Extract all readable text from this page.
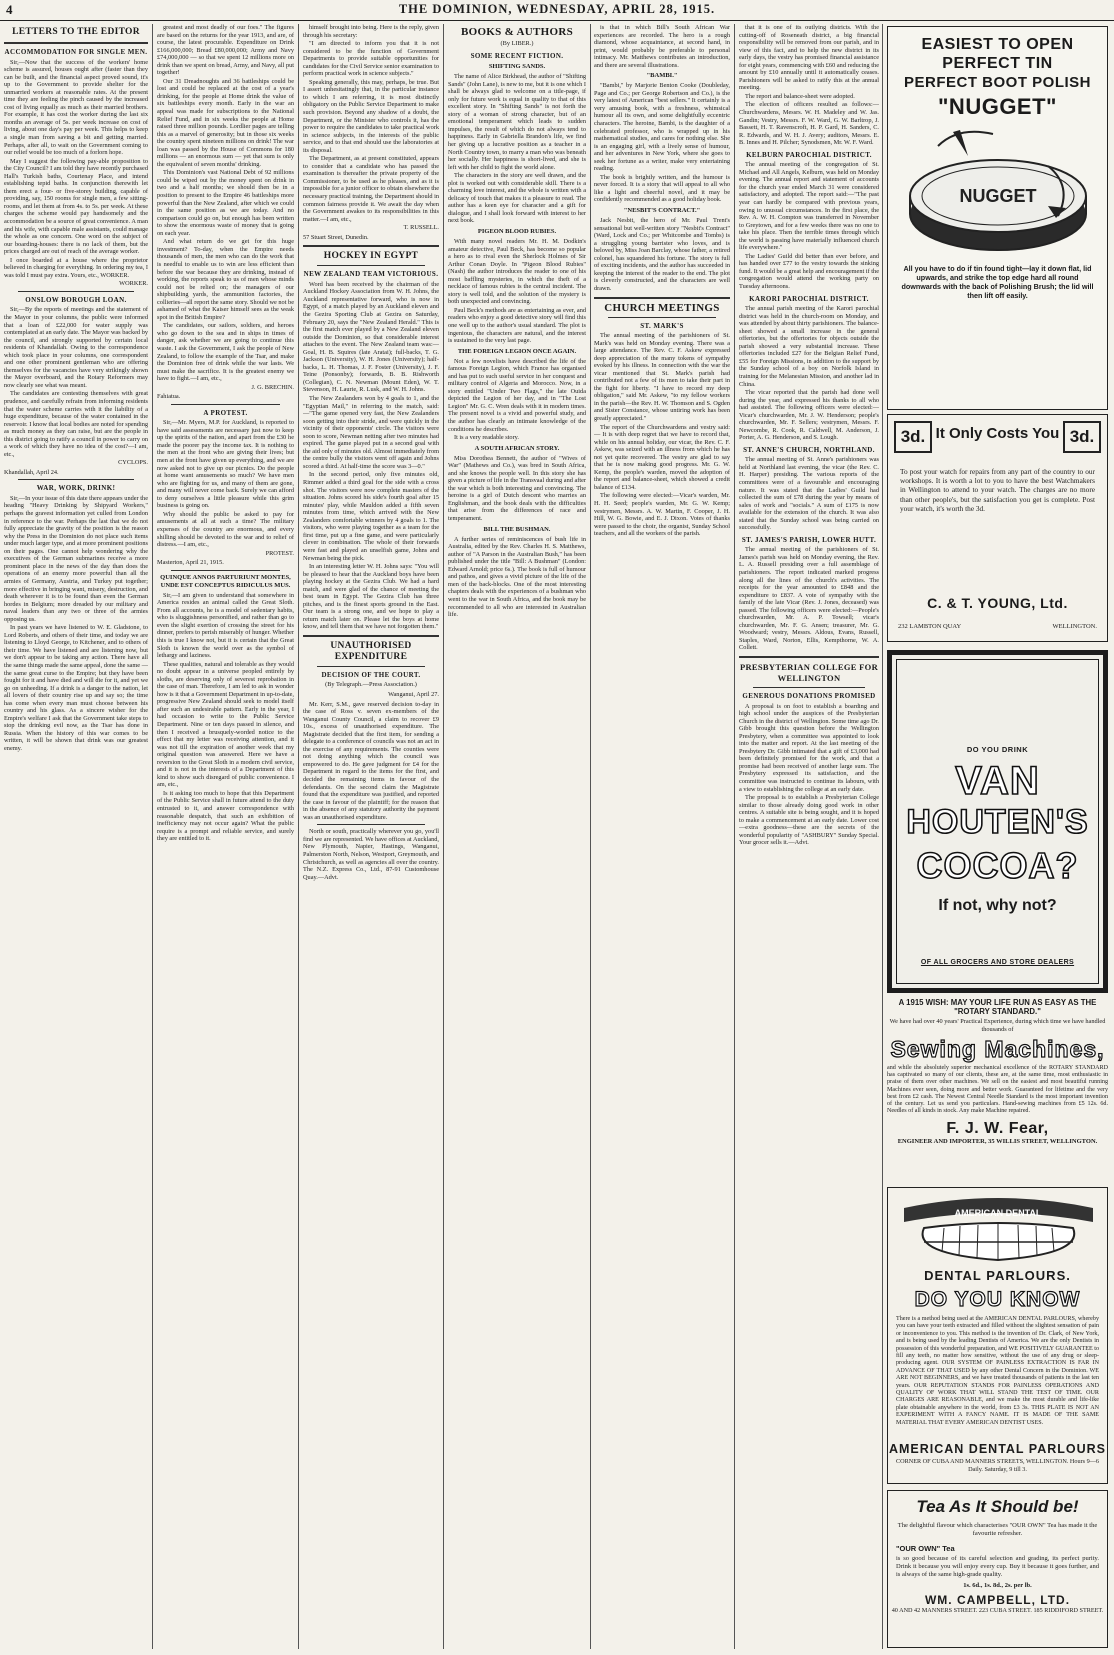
4	THE DOMINION, WEDNESDAY, APRIL 28, 1915.
LETTERS TO THE EDITOR
ACCOMMODATION FOR SINGLE MEN.

Sir,—Now that the success of the workers' home scheme is assured, houses ought after (faster than they can be built, and the financial aspect proved sound, it's up to the Government to provide shelter for the unmarried workers at reasonable rates. At the present time they are feeling the pinch caused by the increased cost of living equally as much as their married brothers. For example, it has cost the worker during the last six months an average of 5s. per week increase on cost of living, about one day's pay per week. This helps to keep a single man from saving a bit and getting married. Perhaps, after all, to wait on the Government coming to our relief would be too much of a forlorn hope.

May I suggest the following pay-able proposition to the City Council? I am told they have recently purchased Hall's Turkish baths, Courtenay Place, and intend establishing tepid baths. In conjunction therewith let them erect a four- or five-storey building, capable of providing, say, 150 rooms for single men, a few sitting-rooms, and let them at from 4s. to 5s. per week. At these charges the scheme would pay handsomely and the accommodation be a source of great convenience. A man and his wife, with capable male assistants, could manage the whole as one concern. One word on the subject of our boarding-houses: there is no lack of them, but the prices charged are out of reach of the average worker.

I once boarded at a house where the proprietor believed in charging for everything. In ordering my tea, I was told I must pay extra. Yours, etc., WORKER.

WORKER.
ONSLOW BOROUGH LOAN.

Sir,—By the reports of meetings and the statement of the Mayor in your columns, the public were informed that a loan of £22,000 for water supply was contemplated at an early date. The Mayor was backed by the council, and strongly supported by certain local residents of Khandallah. Owing to the correspondence which took place in your columns, one correspondent and one other prominent gentleman who are offering themselves for the vacancies have very strikingly shown the Mayor overboard, and the Rotary Reformers may now clearly see what was meant.

The candidates are contesting themselves with great prudence, and carefully refrain from informing residents that the water scheme carries with it the liability of a huge expenditure, because of the water contained in the reservoir. I know that local bodies are noted for spending as much money as they can raise, but are the people in this district going to ratify a council in power to carry on a work of which they have no idea of the cost?—I am, etc.,

CYCLOPS.
Khandallah, April 24.
WAR, WORK, DRINK!

Sir,—In your issue of this date there appears under the heading "Heavy Drinking by Shipyard Workers," perhaps the gravest information yet culled from London in reference to the war. Perhaps the last that we do not fully appreciate the gravity of the position is the reason why the Press in the Dominion do not place such items under much larger type, and at more prominent positions on their pages. One cannot help wondering why the executives of the German submarines receive a more prominent place in the news of the day than does the operations of an enemy more powerful than all the armies of Germany, Austria, and Turkey put together; more effective in bringing want, misery, destruction, and death wherever it is to be found than even the German hordes in Belgium; more dreaded by our military and naval leaders than any two or three of the armies opposing us.

In past years we have listened to W. E. Gladstone, to Lord Roberts, and others of their time, and today we are listening to Lloyd George, to Kitchener, and to others of their time. We have listened and are listening now, but we don't appear to be taking any action. There have all the same things made the same appeal, done the same — the same great curse to the Empire; but they have been fought for it and have died and will die for it, and yet we go on unheeding. If a drink is a danger to the nation, let all lovers of their country rise up and say so; the time has come when every man must choose between his country and his glass. As a sincere wisher for the Empire's welfare I ask that the Government take steps to stop the drinking evil now, as the Tsar has done in Russia. When the history of this war comes to be written, it will be shown that drink was our greatest enemy.

greatest and most deadly of our foes." The figures are based on the returns for the year 1913, and are, of course, the latest procurable. Expenditure on Drink £166,000,000; Bread £80,000,000; Army and Navy £74,000,000 — so that we spent 12 millions more on drink than we spent on bread, Army, and Navy, all put together!

Our 31 Dreadnoughts and 36 battleships could be lost and could be replaced at the cost of a year's drinking, for the people at Home drink the value of six battleships every month. Early in the war an appeal was made for subscriptions to the National Relief Fund, and in six weeks the people at Home raised three million pounds. Lordlier pages are telling this as a marvel of generosity; but in those six weeks the country spent nineteen millions on drink! The war loan was passed by the House of Commons for 180 millions — an enormous sum — yet that sum is only the equivalent of seven months' drinking.

This Dominion's vast National Debt of 92 millions could be wiped out by the money spent on drink in two and a half months; we should then be in a position to present to the Empire 46 battleships more powerful than the New Zealand, after which we could in the same position as we are today. And no comparison could go on, but enough has been written to show the enormous waste of money that is going on each year.

And what return do we get for this huge investment? To-day, when the Empire needs thousands of men, the men who can do the work that is needful to enable us to win are less efficient than before the war because they are drinking, instead of working, the reports speak to us of men whose minds could not be relied on; the managers of our shipbuilding yards, the ammunition factories, the collieries—all report the same story. Should we not be ashamed of what the Kaiser himself sees as the weak spot in the British Empire?

The candidates, our sailors, soldiers, and heroes who go down to the sea and in ships in times of danger, ask whether we are going to continue this waste. I ask the Government, I ask the people of New Zealand, to follow the example of the Tsar, and make the Dominion free of drink while the war lasts. We must make the sacrifice. It is the greatest enemy we have to fight.—I am, etc.,

J. G. BRECHIN.
Fahiatua.
A PROTEST.

Sir,—Mr. Myers, M.P. for Auckland, is reported to have said assessments are necessary just now to keep up the spirits of the nation, and apart from the £30 he made the poorer pay the income tax. It is nothing to the men at the front who are giving their lives; but men at the front have given up everything, and we are now asked not to give up our picnics. Do the people at home want amusements so much? We have men who are fighting for us, and many of them are gone, and many will never come back. Surely we can afford to deny ourselves a little pleasure while this grim business is going on.

Why should the public be asked to pay for amusements at all at such a time? The military expenses of the country are enormous, and every shilling should be devoted to the war and to relief of distress.—I am, etc.,

PROTEST.
Masterton, April 21, 1915.
QUINQUE ANNOS PARTURIUNT MONTES, UNDE EST CONCEPTUS RIDICULUS MUS.

Sir,—I am given to understand that somewhere in America resides an animal called the Great Sloth. From all accounts, he is a model of sedentary habits, who is sluggishness personified, and rather than go to even the slight exertion of crossing the street for his dinner, prefers to perish miserably of hunger. Whether this is true I know not, but it is certain that the Great Sloth is known the world over as the symbol of lethargy and laziness.

These qualities, natural and tolerable as they would no doubt appear in a universe peopled entirely by sloths, are deserving only of severest reprobation in the case of man. Therefore, I am led to ask in wonder how is it that a Government Department in up-to-date, progressive New Zealand should seek to model itself after such an undesirable pattern. Early in the year, I had occasion to write to the Public Service Department. Nine or ten days passed in silence, and then I received a brusquely-worded notice to the effect that my letter was receiving attention, and it was not till the expiration of another week that my original question was answered. Here we have a reversion to the Great Sloth in a modern civil service, and it is not in the interests of a Department of this kind to show such disregard of public convenience. I am, etc.,

Is it asking too much to hope that this Department of the Public Service shall in future attend to the duty entrusted to it, and answer correspondence with reasonable despatch, that such an exhibition of inefficiency may not occur again? What the public require is a prompt and reliable service, and surely they are entitled to it.

himself brought into being. Here is the reply, given through his secretary:

"I am directed to inform you that it is not considered to be the function of Government Departments to provide suitable opportunities for candidates for the Civil Service senior examination to perform practical work in science subjects."

Speaking generally, this may, perhaps, be true. But I assert unhesitatingly that, in the particular instance to which I am referring, it is most distinctly obligatory on the Public Service Department to make such provision. Beyond any shadow of a doubt, the Department, or the Minister who controls it, has the power to require the candidates to take practical work in science subjects, in the interests of the public service, and to that end should use the laboratories at its disposal.

The Department, as at present constituted, appears to consider that a candidate who has passed the examination is thereafter the private property of the Commissioner, to be used as he pleases, and as it is impossible for a junior officer to obtain elsewhere the necessary practical training, the Department should in common fairness provide it. We await the day when the Government awakes to its responsibilities in this matter.—I am, etc.,

T. RUSSELL.
57 Stuart Street, Dunedin.
HOCKEY IN EGYPT
NEW ZEALAND TEAM VICTORIOUS.

Word has been received by the chairman of the Auckland Hockey Association from W. H. Johns, the Auckland representative forward, who is now in Egypt, of a match played by an Auckland eleven and the Gezira Sporting Club at Gezira on Saturday, February 20, says the "New Zealand Herald." This is the first match ever played by a New Zealand eleven outside the Dominion, so that considerable interest attaches to the event. The New Zealand team was:—Goal, H. B. Squires (late Aratai); full-backs, T. G. Jackson (University), W. H. Jones (University); half-backs, L. H. Thomas, J. F. Foster (University), J. F. Teine (Ponsonby); forwards, B. B. Rishworth (Collegian), C. N. Newman (Mount Eden), W. T. Stevenson, H. Laurie, R. Lusk, and W. H. Johns.

The New Zealanders won by 4 goals to 1, and the "Egyptian Mail," in referring to the match, said:—"The game opened very fast, the New Zealanders soon getting into their stride, and were quickly in the vicinity of their opponents' circle. The visitors were soon to score, Newman netting after two minutes had expired. The game played put in a second goal with the aid only of minutes old. Almost immediately from the centre bully the visitors went off again and Johns scored a third. At half-time the score was 3—0."

In the second period, only five minutes old, Rimmer added a third goal for the side with a cross shot. The visitors were now complete masters of the situation. Johns scored his side's fourth goal after 15 minutes' play, while Mauldon added a fifth seven minutes from time, which arrived with the New Zealanders comfortable winners by 4 goals to 1. The visitors, who were playing together as a team for the first time, put up a fine game, and were particularly clever in combination. The whole of their forwards were fast and played an unselfish game, Johns and Newman being the pick.

In an interesting letter W. H. Johns says: "You will be pleased to hear that the Auckland boys have been playing hockey at the Gezira Club. We had a hard match, and were glad of the chance of meeting the best team in Egypt. The Gezira Club has three pitches, and is the finest sports ground in the East. Our team is a strong one, and we hope to play a return match later on. Please let the boys at home know, and tell them that we have not forgotten them."

UNAUTHORISED EXPENDITURE
DECISION OF THE COURT.
(By Telegraph.—Press Association.)
Wanganui, April 27.

Mr. Kerr, S.M., gave reserved decision to-day in the case of Ross v. seven ex-members of the Wanganui County Council, a claim to recover £9 10s., excess of unauthorised expenditure. The Magistrate decided that the first item, for sending a delegate to a conference of councils was not an act in the exercise of any requirements. The counties were not doing anything which the council was empowered to do. He gave judgment for £4 for the Department in regard to the items for the first, and decided the remaining items in favour of the defendants. On the second claim the Magistrate found that the expenditure was justified, and reported the case in favour of the plaintiff; for the reason that in the absence of any statutory authority the payment was an unauthorised expenditure.

North or south, practically wherever you go, you'll find we are represented. We have offices at Auckland, New Plymouth, Napier, Hastings, Wanganui, Palmerston North, Nelson, Westport, Greymouth, and Christchurch, as well as agencies all over the country. The N.Z. Express Co., Ltd., 87-91 Customhouse Quay.—Advt.

BOOKS & AUTHORS
(By LIBER.)
SOME RECENT FICTION.
SHIFTING SANDS.

The name of Alice Birkhead, the author of "Shifting Sands" (John Lane), is new to me, but it is one which I shall be always glad to welcome on a title-page, if only for future work is equal in quality to that of this excellent story. In "Shifting Sands" is not forth the story of a woman of strong character, but of an emotional temperament which leads to sudden impulses, the result of which do not always tend to happiness. Early in Gabriella Brandon's life, we find her giving up a lucrative position as a teacher in a North Country town, to marry a man who was beneath her socially. Her happiness is short-lived, and she is left with her child to fight the world alone.

The characters in the story are well drawn, and the plot is worked out with considerable skill. There is a charming love interest, and the whole is written with a delicacy of touch that makes it a pleasure to read. The author has a keen eye for character and a gift for dialogue, and I shall look forward with interest to her next book.

PIGEON BLOOD RUBIES.

With many novel readers Mr. H. M. Dodkin's amateur detective, Paul Beck, has become so popular a hero as to rival even the Sherlock Holmes of Sir Arthur Conan Doyle. In "Pigeon Blood Rubies" (Nash) the author introduces the reader to one of his most baffling mysteries, in which the theft of a necklace of famous rubies is the central incident. The story is well told, and the solution of the mystery is both unexpected and convincing.

Paul Beck's methods are as entertaining as ever, and readers who enjoy a good detective story will find this one well up to the author's usual standard. The plot is ingenious, the characters are natural, and the interest is sustained to the very last page.

THE FOREIGN LEGION ONCE AGAIN.

Not a few novelists have described the life of the famous Foreign Legion, which France has organised and has put to such useful service in her conquest and military control of Algeria and Morocco. Now, in a story entitled "Under Two Flags," the late Ouida depicted the Legion of her day, and in "The Lost Legion" Mr. G. C. Wren deals with it in modern times. The present novel is a vivid and powerful study, and the author has clearly an intimate knowledge of the conditions he describes.

It is a very readable story.

A SOUTH AFRICAN STORY.

Miss Dorothea Bennett, the author of "Wives of War" (Mathews and Co.), was bred in South Africa, and she knows the people well. In this story she has given a picture of life in the Transvaal during and after the war which is both interesting and convincing. The heroine is a girl of Dutch descent who marries an Englishman, and the book deals with the difficulties that arise from the differences of race and temperament.

BILL THE BUSHMAN.

A further series of reminiscences of bush life in Australia, edited by the Rev. Charles H. S. Matthews, author of "A Parson in the Australian Bush," has been published under the title "Bill: A Bushman" (London: Edward Arnold; price 6s.). The book is full of humour and pathos, and gives a vivid picture of the life of the men of the back-blocks. One of the most interesting chapters deals with the experiences of a bushman who went to the war in South Africa, and the book may be recommended to all who are interested in Australian life.

is that in which Bill's South African War experiences are recorded. The hero is a rough diamond, whose acquaintance, at second hand, in print, would probably be preferable to personal intimacy. Mr. Matthews contributes an introduction, and there are several illustrations.

"BAMBI."

"Bambi," by Marjorie Benton Cooke (Doubleday, Page and Co.; per George Robertson and Co.), is the very latest of American "best sellers." It certainly is a very amusing book, with a freshness, whimsical humour all its own, and some delightfully eccentric characters. The heroine, Bambi, is the daughter of a celebrated professor, who is wrapped up in his mathematical studies, and cares for nothing else. She is an engaging girl, with a lively sense of humour, and her adventures in New York, where she goes to seek her fortune as a writer, make very entertaining reading.

The book is brightly written, and the humour is never forced. It is a story that will appeal to all who like a light and cheerful novel, and it may be confidently recommended as a good holiday book.

"NESBIT'S CONTRACT."

Jack Nesbit, the hero of Mr. Paul Trent's sensational but well-written story "Nesbit's Contract" (Ward, Lock and Co.; per Whitcombe and Tombs) is a struggling young barrister who loves, and is beloved by, Miss Joan Barclay, whose father, a retired colonel, has squandered his fortune. The story is full of exciting incidents, and the author has succeeded in keeping the interest of the reader to the end. The plot is cleverly constructed, and the characters are well drawn.

CHURCH MEETINGS
ST. MARK'S

The annual meeting of the parishioners of St. Mark's was held on Monday evening. There was a large attendance. The Rev. C. F. Askew expressed deep appreciation of the many tokens of sympathy evoked by his illness. In connection with the war the vicar mentioned that St. Mark's parish had contributed not a few of its men to take their part in the fight for liberty. "I have to record my deep obligation," said Mr. Askew, "to my fellow workers in the parish—the Rev. H. W. Thomson and S. Ogden and Sister Constance, whose untiring work has been greatly appreciated."

The report of the Churchwardens and vestry said:— It is with deep regret that we have to record that, while on his annual holiday, our vicar, the Rev. C. F. Askew, was seized with an illness from which he has not yet quite recovered. The vestry are glad to say that he is now making good progress. Mr. G. W. Kemp, the people's warden, moved the adoption of the report and balance-sheet, which showed a credit balance of £134.

The following were elected:—Vicar's warden, Mr. H. H. Seed; people's warden, Mr. G. W. Kemp; vestrymen, Messrs. A. W. Martin, F. Cooper, J. H. Hill, W. G. Bowie, and E. J. Dixon. Votes of thanks were passed to the choir, the organist, Sunday School teachers, and all the workers of the parish.

that it is one of its outlying districts. With the cutting-off of Roseneath district, a big financial responsibility will be removed from our parish, and in view of this fact, and to help the new district in its early days, the vestry has promised financial assistance for eight years, commencing with £60 and reducing the amount by £10 annually until it automatically ceases. Parishioners will be asked to ratify this at the annual meeting.

The report and balance-sheet were adopted.

The election of officers resulted as follows:—Churchwardens, Messrs. W. H. Madeley and W. Jas. Gandin; Vestry, Messrs. F. W. Ward, G. W. Barltrop, J. Bassett, H. T. Ravenscroft, H. P. Gard, H. Sanders, C. R. Edwards, and W. H. J. Avery; auditors, Messrs. E. B. Innes and H. Pilcher; Synodsmen, Mr. W. F. Ward.

KELBURN PAROCHIAL DISTRICT.

The annual meeting of the congregation of St. Michael and All Angels, Kelburn, was held on Monday evening. The annual report and statement of accounts for the church year ended March 31 were considered satisfactory, and adopted. The report said:—"The past year can hardly be compared with previous years, owing to unusual circumstances. In the first place, the Rev. A. W. H. Compton was transferred in November to Greytown, and for a few weeks there was no one to take his place. Then the terrible times through which the world is passing have materially influenced church life everywhere."

The Ladies' Guild did better than ever before, and has handed over £77 to the vestry towards the sinking fund. It would be a great help and encouragement if the congregation would attend the working party on Tuesday afternoons.

KARORI PAROCHIAL DISTRICT.

The annual parish meeting of the Karori parochial district was held in the church-room on Monday, and was attended by about thirty parishioners. The balance-sheet showed a small increase in the general offertories, but the offertories for objects outside the parish showed a very substantial increase. These offertories included £27 for the Belgian Relief Fund, £55 for Foreign Missions, in addition to the support by the Sunday school of a boy on Norfolk Island in training for the Melanesian Mission, and another lad in China.

The vicar reported that the parish had done well during the year, and expressed his thanks to all who had assisted. The following officers were elected:—Vicar's churchwarden, Mr. J. W. Henderson; people's churchwarden, Mr. F. Sellers; vestrymen, Messrs. F. Newcombe, R. Cook, R. Caldwell, M. Anderson, J. Porter, A. G. Henderson, and S. Lough.

ST. ANNE'S CHURCH, NORTHLAND.

The annual meeting of St. Anne's parishioners was held at Northland last evening, the vicar (the Rev. C. H. Harper) presiding. The various reports of the committees were of a favourable and encouraging nature. It was stated that the Ladies' Guild had collected the sum of £78 during the year by means of sales of work and "socials." A sum of £175 is now available for the extension of the church. It was also stated that the Sunday school was being carried on successfully.

ST. JAMES'S PARISH, LOWER HUTT.

The annual meeting of the parishioners of St. James's parish was held on Monday evening, the Rev. L. A. Russell presiding over a full assemblage of parishioners. The report indicated marked progress along all the lines of the church's activities. The receipts for the year amounted to £848 and the expenditure to £837. A vote of sympathy with the family of the late Vicar (Rev. J. Jones, deceased) was passed. The following officers were elected:—People's churchwarden, Mr. A. P. Towsell; vicar's churchwarden, Mr. F. G. Ansen; treasurer, Mr. G. Woodward; vestry, Messrs. Aldous, Evans, Russell, Staples, Ward, Norton, Ellis, Kempthorne, W. A. Collett.

PRESBYTERIAN COLLEGE FOR WELLINGTON
GENEROUS DONATIONS PROMISED

A proposal is on foot to establish a boarding and high school under the auspices of the Presbyterian Church in the district of Wellington. Some time ago Dr. Gibb brought this question before the Wellington Presbytery, when a committee was appointed to look into the matter and report. At the last meeting of the Presbytery Dr. Gibb intimated that a gift of £3,000 had been definitely promised for the work, and that a promise had been received of another large sum. The Presbytery expressed its satisfaction, and the committee was instructed to continue its labours, with a view to establishing the college at an early date.

The proposal is to establish a Presbyterian College similar to those already doing good work in other centres. A suitable site is being sought, and it is hoped to make a commencement at an early date. Lower cost—extra goodness—these are the secrets of the wonderful popularity of "ASHBURY" Sunday Special. Your grocer sells it.—Advt.

EASIEST TO OPEN
PERFECT TIN
PERFECT BOOT POLISH
"NUGGET"
NUGGET
All you have to do if tin found tight—lay it down flat, lid upwards, and strike the top edge hard all round downwards with the back of Polishing Brush; the lid will then lift off easily.
3d. It Only Costs You 3d.
To post your watch for repairs from any part of the country to our workshops. It is worth a lot to you to have the best Watchmakers in Wellington to attend to your watch. The charges are no more than other people's, but the satisfaction you get is complete. Post your watch, it's worth the 3d.
C. & T. YOUNG, Ltd.
232 LAMBTON QUAY	WELLINGTON.
DO YOU DRINK
VAN
HOUTEN'S
COCOA?
If not, why not?
OF ALL GROCERS AND STORE DEALERS
A 1915 WISH: MAY YOUR LIFE RUN AS EASY AS THE "ROTARY STANDARD."
We have had over 40 years' Practical Experience, during which time we have handled thousands of
Sewing Machines,
and while the absolutely superior mechanical excellence of the ROTARY STANDARD has captivated so many of our clients, these are, at the same time, most enthusiastic in praise of them over other machines. We sell on the easiest and most beautiful running Machines ever seen, doing more and better work. Guaranteed for lifetime and the very best from £2 cash. The Newest Central Needle Standard is the most important invention of the century. Let us send you particulars. Hand-sewing machines from £5 12s. 6d. Needles of all kinds in stock. Any make Machine repaired.
F. J. W. Fear,
ENGINEER AND IMPORTER, 35 WILLIS STREET, WELLINGTON.
AMERICAN DENTAL
DENTAL PARLOURS.
DO YOU KNOW
There is a method being used at the AMERICAN DENTAL PARLOURS, whereby you can have your teeth extracted and filled without the slightest sensation of pain or inconvenience to you. This method is the invention of Dr. Clark, of New York, and is being used by the leading Dentists of America. We are the only Dentists in possession of this wonderful preparation, and WE POSITIVELY GUARANTEE to fill any teeth, no matter how sensitive, without the use of any drug or sleep-producing agent. OUR SYSTEM OF PAINLESS EXTRACTION IS FAR IN ADVANCE OF THAT USED by any other Dental Concern in the Dominion. WE ARE NOT BEGINNERS, and we have treated thousands of patients in the last ten years. OUR REPUTATION STANDS FOR PAINLESS OPERATIONS AND QUALITY OF WORK THAT WILL STAND THE TEST OF TIME. OUR CHARGES ARE REASONABLE, and we make the most durable and life-like plate obtainable anywhere in the world, from £3 3s. THIS PLATE IS NOT AN EXPERIMENT WITH A FANCY NAME. IT IS MADE OF THE SAME MATERIAL THAT EVERY AMERICAN DENTIST USES.
AMERICAN DENTAL PARLOURS
CORNER OF CUBA AND MANNERS STREETS, WELLINGTON. Hours 9—6 Daily. Saturday, 9 till 3.
Tea As It Should be!
The delightful flavour which characterises "OUR OWN" Tea has made it the favourite refresher.
"OUR OWN" Tea
is so good because of its careful selection and grading, its perfect purity. Drink it because you will enjoy every cup. Buy it because it goes further, and is always of the same high-grade quality.
1s. 6d., 1s. 8d., 2s. per lb.
WM. CAMPBELL, LTD.
40 AND 42 MANNERS STREET. 223 CUBA STREET. 185 RIDDIFORD STREET.
